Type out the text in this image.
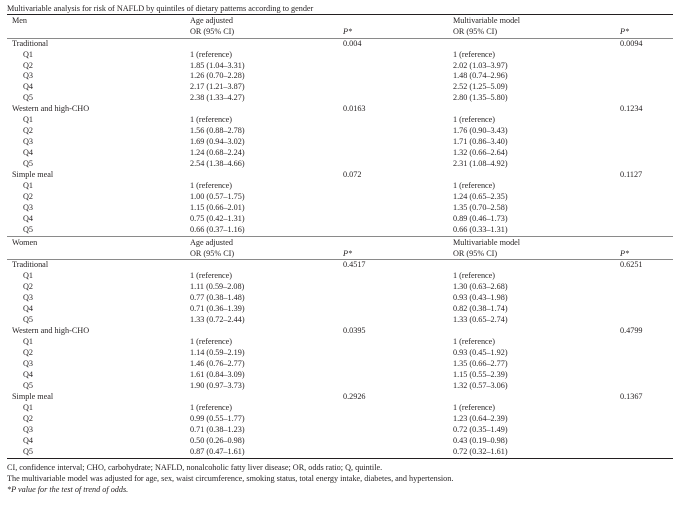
Multivariable analysis for risk of NAFLD by quintiles of dietary patterns according to gender
Men	Age adjusted		Multivariable model	
	OR (95% CI)	P*	OR (95% CI)	P*
Traditional		0.004		0.0094
Q1	1 (reference)		1 (reference)	
Q2	1.85 (1.04–3.31)		2.02 (1.03–3.97)	
Q3	1.26 (0.70–2.28)		1.48 (0.74–2.96)	
Q4	2.17 (1.21–3.87)		2.52 (1.25–5.09)	
Q5	2.38 (1.33–4.27)		2.80 (1.35–5.80)	
Western and high-CHO		0.0163		0.1234
Q1	1 (reference)		1 (reference)	
Q2	1.56 (0.88–2.78)		1.76 (0.90–3.43)	
Q3	1.69 (0.94–3.02)		1.71 (0.86–3.40)	
Q4	1.24 (0.68–2.24)		1.32 (0.66–2.64)	
Q5	2.54 (1.38–4.66)		2.31 (1.08–4.92)	
Simple meal		0.072		0.1127
Q1	1 (reference)		1 (reference)	
Q2	1.00 (0.57–1.75)		1.24 (0.65–2.35)	
Q3	1.15 (0.66–2.01)		1.35 (0.70–2.58)	
Q4	0.75 (0.42–1.31)		0.89 (0.46–1.73)	
Q5	0.66 (0.37–1.16)		0.66 (0.33–1.31)	
Women	Age adjusted		Multivariable model	
	OR (95% CI)	P*	OR (95% CI)	P*
Traditional		0.4517		0.6251
Q1	1 (reference)		1 (reference)	
Q2	1.11 (0.59–2.08)		1.30 (0.63–2.68)	
Q3	0.77 (0.38–1.48)		0.93 (0.43–1.98)	
Q4	0.71 (0.36–1.39)		0.82 (0.38–1.74)	
Q5	1.33 (0.72–2.44)		1.33 (0.65–2.74)	
Western and high-CHO		0.0395		0.4799
Q1	1 (reference)		1 (reference)	
Q2	1.14 (0.59–2.19)		0.93 (0.45–1.92)	
Q3	1.46 (0.76–2.77)		1.35 (0.66–2.77)	
Q4	1.61 (0.84–3.09)		1.15 (0.55–2.39)	
Q5	1.90 (0.97–3.73)		1.32 (0.57–3.06)	
Simple meal		0.2926		0.1367
Q1	1 (reference)		1 (reference)	
Q2	0.99 (0.55–1.77)		1.23 (0.64–2.39)	
Q3	0.71 (0.38–1.23)		0.72 (0.35–1.49)	
Q4	0.50 (0.26–0.98)		0.43 (0.19–0.98)	
Q5	0.87 (0.47–1.61)		0.72 (0.32–1.61)	
CI, confidence interval; CHO, carbohydrate; NAFLD, nonalcoholic fatty liver disease; OR, odds ratio; Q, quintile.
The multivariable model was adjusted for age, sex, waist circumference, smoking status, total energy intake, diabetes, and hypertension.
*P value for the test of trend of odds.
